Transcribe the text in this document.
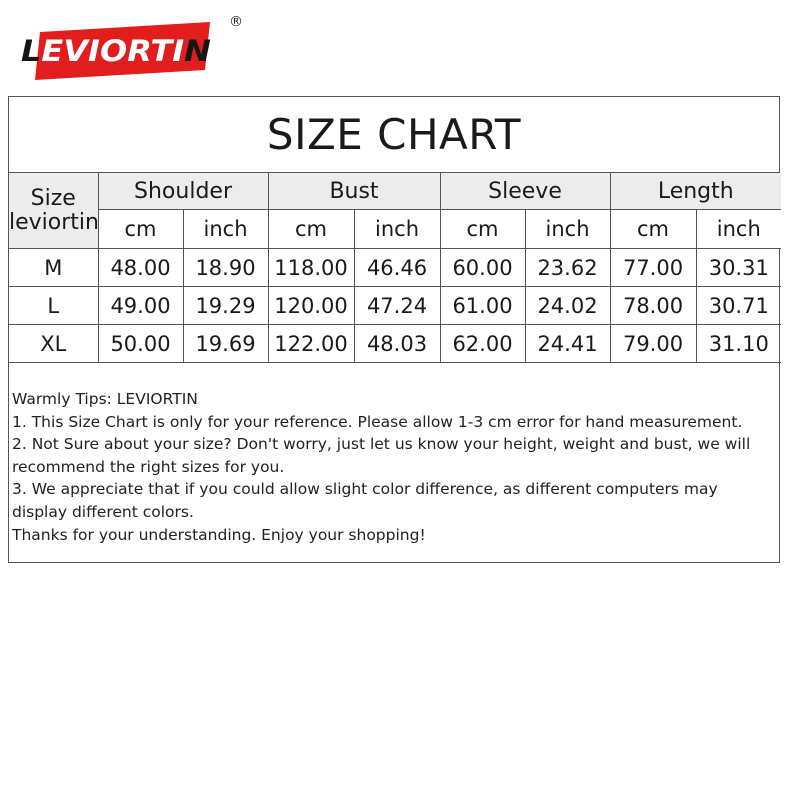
LEVIORTIN
®
SIZE CHART
Size
leviortin	Shoulder		Bust		Sleeve		Length	
	cm	inch	cm	inch	cm	inch	cm	inch
M	48.00	18.90	118.00	46.46	60.00	23.62	77.00	30.31
L	49.00	19.29	120.00	47.24	61.00	24.02	78.00	30.71
XL	50.00	19.69	122.00	48.03	62.00	24.41	79.00	31.10

Warmly Tips: LEVIORTIN

1. This Size Chart is only for your reference. Please allow 1-3 cm error for hand measurement.

2. Not Sure about your size? Don't worry, just let us know your height, weight and bust, we will recommend the right sizes for you.

3. We appreciate that if you could allow slight color difference, as different computers may display different colors.

Thanks for your understanding. Enjoy your shopping!
